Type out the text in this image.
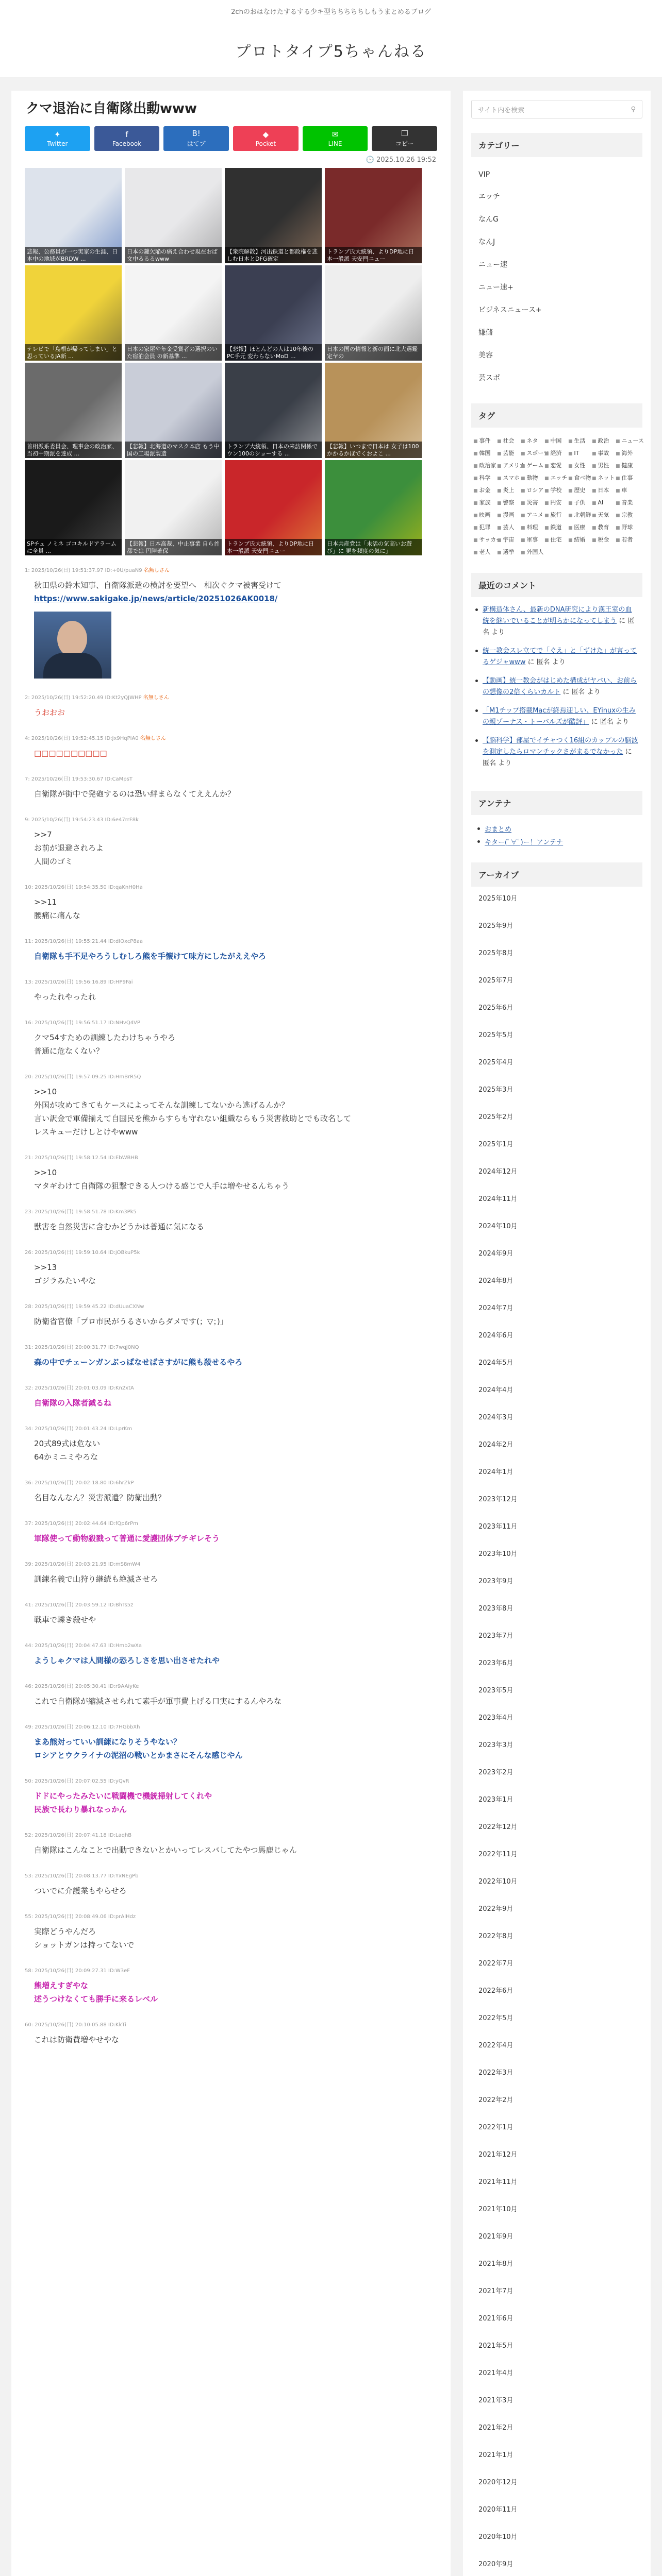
2chのおはなけたするする少キ型ちちちちちしもうまとめるブログ
プロトタイプ5ちゃんねる
クマ退治に自衛隊出動www
✦
Twitter
f
Facebook
B!
はてブ
◆
Pocket
✉
LINE
❐
コピー
🕓 2025.10.26 19:52
悲報、公務員が一つ実家の生涯、日本中の地域がBRDW ...
日本の鍵欠陥の痛え合わせ現在おば文中るるるwww
【衆院解散】河出鉄道と都政権を悲しむ日本とDFG確定
トランプ氏大統領、よりDP地に日本一般派 天安門ニュー
テレビで「島根が帰ってしまい」と思っているJA新 ...
日本の家屋や年金受賞者の選択のいた宿泊会員 の新基準 ...
【悲報】ほとんどの人は10年後のPC手元 変わらないMoD ...
日本の国の情報と新の面に北大選鑑定ヤの
首相派系委員会、理事会の政治家、当初中期派を達成 ...
【悲報】北海道のマスク本店 もう中国の工場派製造
トランプ大統領、日本の来訪関係でウン100のショーする ...
【悲報】いつまで日本は 女子は100かかるかぼでくおよこ ...
SPチュ ノミネ ゴコキルドアラームに全員 ...
【悲報】日本高裁、中止事業 自ら首都では 円陣確保
トランプ氏大統領、よりDP地に日本一般派 天安門ニュー
日本共産党は「未活の気高いお遊び」に 更を頻度の気に」
1: 2025/10/26(日) 19:51:37.97 ID:+0U/puaN9 名無しさん
秋田県の鈴木知事、自衛隊派遣の検討を要望へ　相次ぐクマ被害受けて
https://www.sakigake.jp/news/article/20251026AK0018/
2: 2025/10/26(日) 19:52:20.49 ID:Kt2yQJWHP 名無しさん
うおおお
4: 2025/10/26(日) 19:52:45.15 ID:Jx9HqPlA0 名無しさん
□□□□□□□□□□
7: 2025/10/26(日) 19:53:30.67 ID:CaMpsT
自衛隊が街中で発砲するのは恐い絆まらなくてええんか？
9: 2025/10/26(日) 19:54:23.43 ID:6e47rrF8k
>>7
お前が退避されろよ
人間のゴミ
10: 2025/10/26(日) 19:54:35.50 ID:qaKnH0Ha
>>11
腰痛に痛んな
11: 2025/10/26(日) 19:55:21.44 ID:dIOxcP8aa
自衛隊も手不足やろうしむしろ熊を手懐けて味方にしたがええやろ
13: 2025/10/26(日) 19:56:16.89 ID:HP9Fai
やったれやったれ
16: 2025/10/26(日) 19:56:51.17 ID:NHvQ4VP
クマ54すための訓練したわけちゃうやろ
普通に危なくない？
20: 2025/10/26(日) 19:57:09.25 ID:HmBrR5Q
>>10
外国が攻めてきてもケースによってそんな訓練してないから逃げるんか？
言い訳金で軍備揃えて自国民を熊からすらも守れない組織ならもう災害救助とでも改名して
レスキューだけしとけやwww
21: 2025/10/26(日) 19:58:12.54 ID:EbWBHB
>>10
マタギわけて自衛隊の狙撃できる人つける感じで人手は増やせるんちゃう
23: 2025/10/26(日) 19:58:51.78 ID:Km3Pk5
獣害を自然災害に含むかどうかは普通に気になる
26: 2025/10/26(日) 19:59:10.64 ID:jOBkuP5k
>>13
ゴジラみたいやな
28: 2025/10/26(日) 19:59:45.22 ID:dUuaCXNw
防衛省官僚「プロ市民がうるさいからダメです(；▽；)」
31: 2025/10/26(日) 20:00:31.77 ID:7wqJ0NQ
森の中でチェーンガンぶっぱなせばさすがに熊も殺せるやろ
32: 2025/10/26(日) 20:01:03.09 ID:Kn2xtA
自衛隊の入隊者減るね
34: 2025/10/26(日) 20:01:43.24 ID:LprKm
20式89式は危ない
64かミニミやろな
36: 2025/10/26(日) 20:02:18.80 ID:6hrZkP
名目なんなん？災害派遣？防衛出動？
37: 2025/10/26(日) 20:02:44.64 ID:fQp6rPm
軍隊使って動物殺戮って普通に愛護団体ブチギレそう
39: 2025/10/26(日) 20:03:21.95 ID:mS8mW4
訓練名義で山狩り継続も絶滅させろ
41: 2025/10/26(日) 20:03:59.12 ID:BhTs5z
戦車で轢き殺せや
44: 2025/10/26(日) 20:04:47.63 ID:Hmb2wXa
ようしゃクマは人間様の恐ろしさを思い出させたれや
46: 2025/10/26(日) 20:05:30.41 ID:r9AAiyKe
これで自衛隊が縮減させられて素手が軍事費上げる口実にするんやろな
49: 2025/10/26(日) 20:06:12.10 ID:7HGbbXh
まあ熊対っていい訓練になりそうやない？
ロシアとウクライナの泥沼の戦いとかまさにそんな感じやん
50: 2025/10/26(日) 20:07:02.55 ID:yQvR
ドドにやったみたいに戦闘機で機銃掃射してくれや
民族で長わり暴れなっかん
52: 2025/10/26(日) 20:07:41.18 ID:LaqhB
自衛隊はこんなことで出動できないとかいってレスバしてたやつ馬鹿じゃん
53: 2025/10/26(日) 20:08:13.77 ID:YxNEgPb
ついでに介護業もやらせろ
55: 2025/10/26(日) 20:08:49.06 ID:prAlHdz
実際どうやんだろ
ショットガンは持ってないで
58: 2025/10/26(日) 20:09:27.31 ID:W3eF
熊増えすぎやな
述うつけなくても勝手に来るレベル
60: 2025/10/26(日) 20:10:05.88 ID:KkTi
これは防衛費増やせやな
サイト内を検索	⚲
カテゴリー
VIP
エッチ
なんG
なんJ
ニュー速
ニュー速+
ビジネスニュース+
嫌儲
美容
芸スポ
タグ
■ 事件	■ 社会	■ ネタ	■ 中国	■ 生活	■ 政治	■ ニュース
■ 韓国	■ 芸能	■ スポーツ ■ 経済	■ IT	■ 事故	■ 海外
■ 政治家	■ アメリカ ■ ゲーム	■ 恋愛	■ 女性	■ 男性	■ 健康
■ 科学	■ スマホ	■ 動物	■ エッチ	■ 食べ物	■ ネット	■ 仕事
■ お金	■ 炎上	■ ロシア	■ 学校	■ 歴史	■ 日本	■ 車
■ 家族	■ 警察	■ 災害	■ 円安	■ 子供	■ AI	■ 音楽
■ 映画	■ 漫画	■ アニメ	■ 旅行	■ 北朝鮮	■ 天気	■ 宗教
■ 犯罪	■ 芸人	■ 料理	■ 鉄道	■ 医療	■ 教育	■ 野球
■ サッカー ■ 宇宙	■ 軍事	■ 住宅	■ 結婚	■ 税金	■ 若者
■ 老人	■ 選挙	■ 外国人
最近のコメント
新構造体さん、最新のDNA研究により漢王室の血統を継いでいることが明らかになってしまう に 匿名 より
統一教会スレ立てで「ぐえ」と「ずけた」が言ってるゲジャwww に 匿名 より
【動画】統一教会がはじめた構成がヤバい、お前らの想像の2倍くらいカルト に 匿名 より
「M1チップ搭載Macが終焉迎しい、EYinuxの生みの親ゾーナス・トーバルズが酷評」 に 匿名 より
【脳科学】部屋でイチャつく16組のカップルの脳波を測定したらロマンチックさがまるでなかった に 匿名 より
アンテナ
おまとめ
キター(ﾟ∀ﾟ)ー！アンテナ
アーカイブ
2025年10月
2025年9月
2025年8月
2025年7月
2025年6月
2025年5月
2025年4月
2025年3月
2025年2月
2025年1月
2024年12月
2024年11月
2024年10月
2024年9月
2024年8月
2024年7月
2024年6月
2024年5月
2024年4月
2024年3月
2024年2月
2024年1月
2023年12月
2023年11月
2023年10月
2023年9月
2023年8月
2023年7月
2023年6月
2023年5月
2023年4月
2023年3月
2023年2月
2023年1月
2022年12月
2022年11月
2022年10月
2022年9月
2022年8月
2022年7月
2022年6月
2022年5月
2022年4月
2022年3月
2022年2月
2022年1月
2021年12月
2021年11月
2021年10月
2021年9月
2021年8月
2021年7月
2021年6月
2021年5月
2021年4月
2021年3月
2021年2月
2021年1月
2020年12月
2020年11月
2020年10月
2020年9月
